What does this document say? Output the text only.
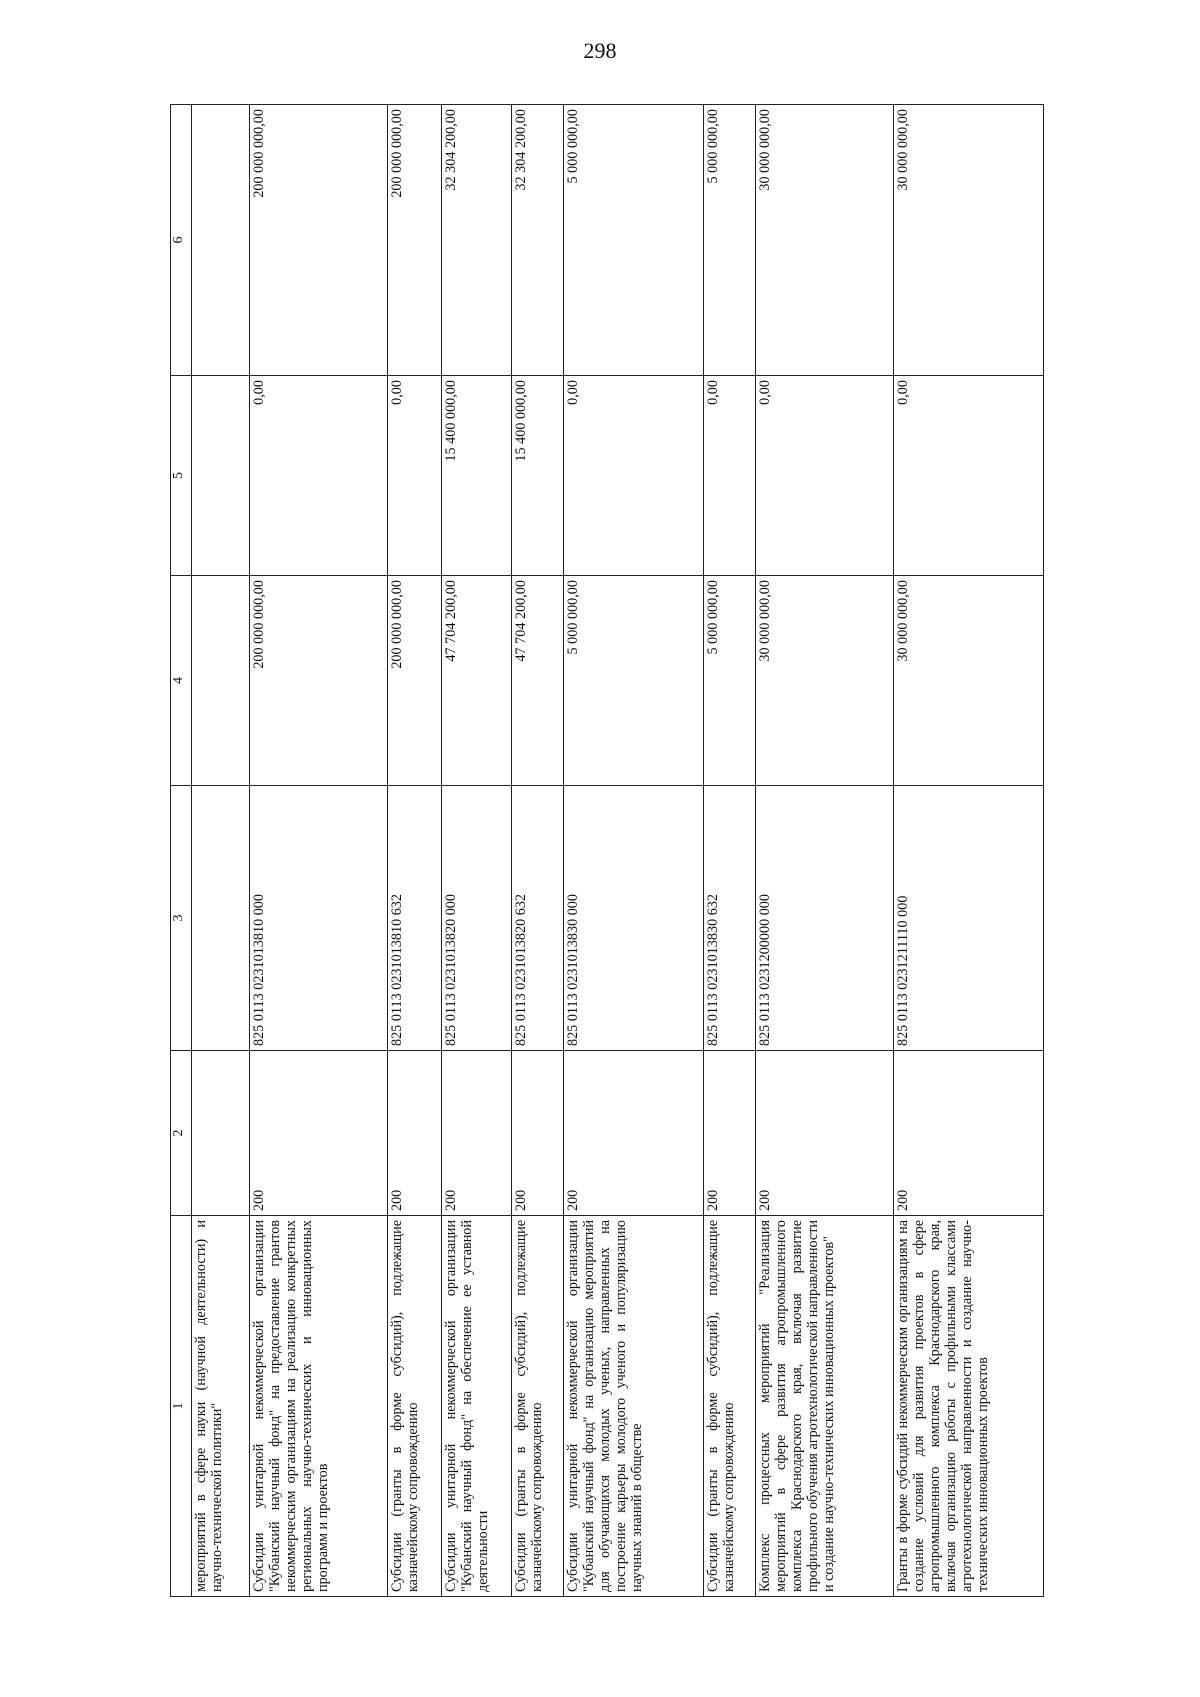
298
1	2	3	4	5	6
мероприятий в сфере науки (научной деятельности) и научно-технической политики"					
Субсидии унитарной некоммерческой организации "Кубанский научный фонд" на предоставление грантов некоммерческим организациям на реализацию конкретных региональных научно-технических и инновационных программ и проектов	200	825 0113 0231013810 000	200 000 000,00	0,00	200 000 000,00
Субсидии (гранты в форме субсидий), подлежащие казначейскому сопровождению	200	825 0113 0231013810 632	200 000 000,00	0,00	200 000 000,00
Субсидии унитарной некоммерческой организации "Кубанский научный фонд" на обеспечение ее уставной деятельности	200	825 0113 0231013820 000	47 704 200,00	15 400 000,00	32 304 200,00
Субсидии (гранты в форме субсидий), подлежащие казначейскому сопровождению	200	825 0113 0231013820 632	47 704 200,00	15 400 000,00	32 304 200,00
Субсидии унитарной некоммерческой организации "Кубанский научный фонд" на организацию мероприятий для обучающихся молодых ученых, направленных на построение карьеры молодого ученого и популяризацию научных знаний в обществе	200	825 0113 0231013830 000	5 000 000,00	0,00	5 000 000,00
Субсидии (гранты в форме субсидий), подлежащие казначейскому сопровождению	200	825 0113 0231013830 632	5 000 000,00	0,00	5 000 000,00
Комплекс процессных мероприятий "Реализация мероприятий в сфере развития агропромышленного комплекса Краснодарского края, включая развитие профильного обучения агротехнологической направленности и создание научно-технических инновационных проектов"	200	825 0113 0231200000 000	30 000 000,00	0,00	30 000 000,00
Гранты в форме субсидий некоммерческим организациям на создание условий для развития проектов в сфере агропромышленного комплекса Краснодарского края, включая организацию работы с профильными классами агротехнологической направленности и создание научно-технических инновационных проектов	200	825 0113 0231211110 000	30 000 000,00	0,00	30 000 000,00
